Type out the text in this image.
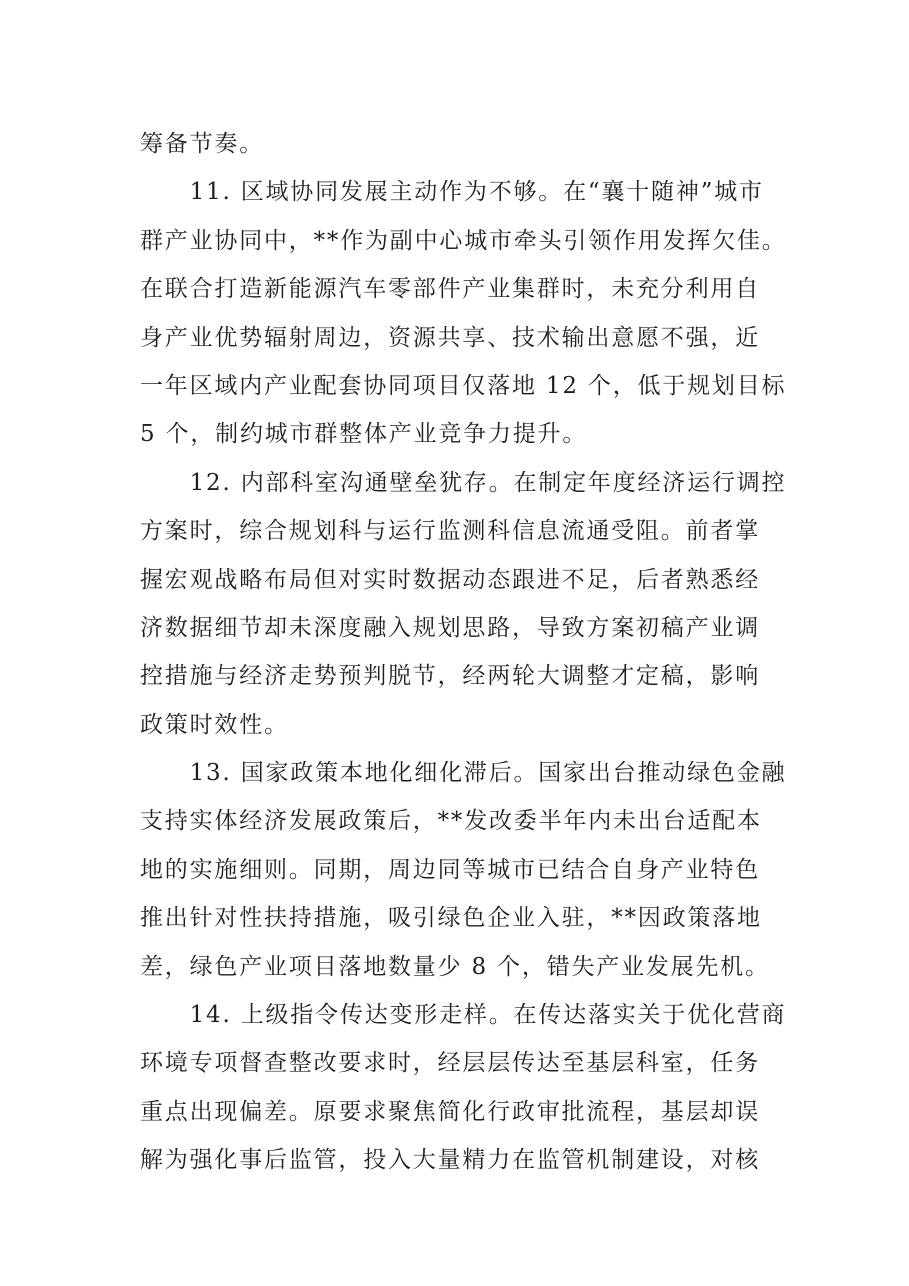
筹备节奏。
　　11. 区域协同发展主动作为不够。在“襄十随神”城市
群产业协同中，**作为副中心城市牵头引领作用发挥欠佳。
在联合打造新能源汽车零部件产业集群时，未充分利用自
身产业优势辐射周边，资源共享、技术输出意愿不强，近
一年区域内产业配套协同项目仅落地 12 个，低于规划目标
5 个，制约城市群整体产业竞争力提升。
　　12. 内部科室沟通壁垒犹存。在制定年度经济运行调控
方案时，综合规划科与运行监测科信息流通受阻。前者掌
握宏观战略布局但对实时数据动态跟进不足，后者熟悉经
济数据细节却未深度融入规划思路，导致方案初稿产业调
控措施与经济走势预判脱节，经两轮大调整才定稿，影响
政策时效性。
　　13. 国家政策本地化细化滞后。国家出台推动绿色金融
支持实体经济发展政策后，**发改委半年内未出台适配本
地的实施细则。同期，周边同等城市已结合自身产业特色
推出针对性扶持措施，吸引绿色企业入驻，**因政策落地
差，绿色产业项目落地数量少 8 个，错失产业发展先机。
　　14. 上级指令传达变形走样。在传达落实关于优化营商
环境专项督查整改要求时，经层层传达至基层科室，任务
重点出现偏差。原要求聚焦简化行政审批流程，基层却误
解为强化事后监管，投入大量精力在监管机制建设，对核
